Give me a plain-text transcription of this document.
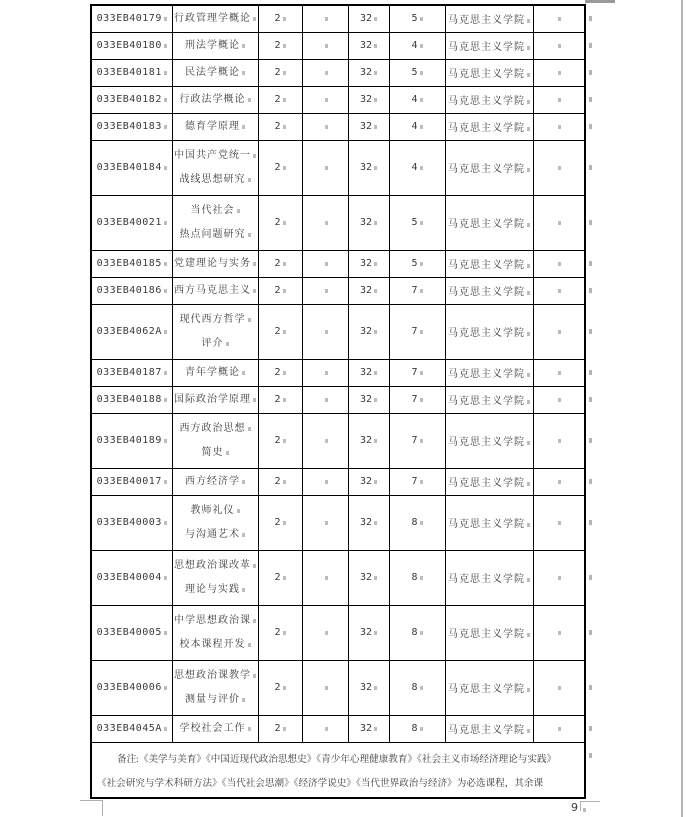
033EB40179	行政管理学概论	2		32	5	马克思主义学院	
033EB40180	刑法学概论	2		32	4	马克思主义学院	
033EB40181	民法学概论	2		32	5	马克思主义学院	
033EB40182	行政法学概论	2		32	4	马克思主义学院	
033EB40183	德育学原理	2		32	4	马克思主义学院	
033EB40184	中国共产党统一
战线思想研究	2		32	4	马克思主义学院	
033EB40021	当代社会
热点问题研究	2		32	5	马克思主义学院	
033EB40185	党建理论与实务	2		32	5	马克思主义学院	
033EB40186	西方马克思主义	2		32	7	马克思主义学院	
033EB4062A	现代西方哲学
评介	2		32	7	马克思主义学院	
033EB40187	青年学概论	2		32	7	马克思主义学院	
033EB40188	国际政治学原理	2		32	7	马克思主义学院	
033EB40189	西方政治思想
简史	2		32	7	马克思主义学院	
033EB40017	西方经济学	2		32	7	马克思主义学院	
033EB40003	教师礼仪
与沟通艺术	2		32	8	马克思主义学院	
033EB40004	思想政治课改革
理论与实践	2		32	8	马克思主义学院	
033EB40005	中学思想政治课
校本课程开发	2		32	8	马克思主义学院	
033EB40006	思想政治课教学
测量与评价	2		32	8	马克思主义学院	
033EB4045A	学校社会工作	2		32	8	马克思主义学院	

备注:《美学与美育》《中国近现代政治思想史》《青少年心理健康教育》《社会主义市场经济理论与实践》
《社会研究与学术科研方法》《当代社会思潮》《经济学说史》《当代世界政治与经济》为必选课程，其余课							
9
